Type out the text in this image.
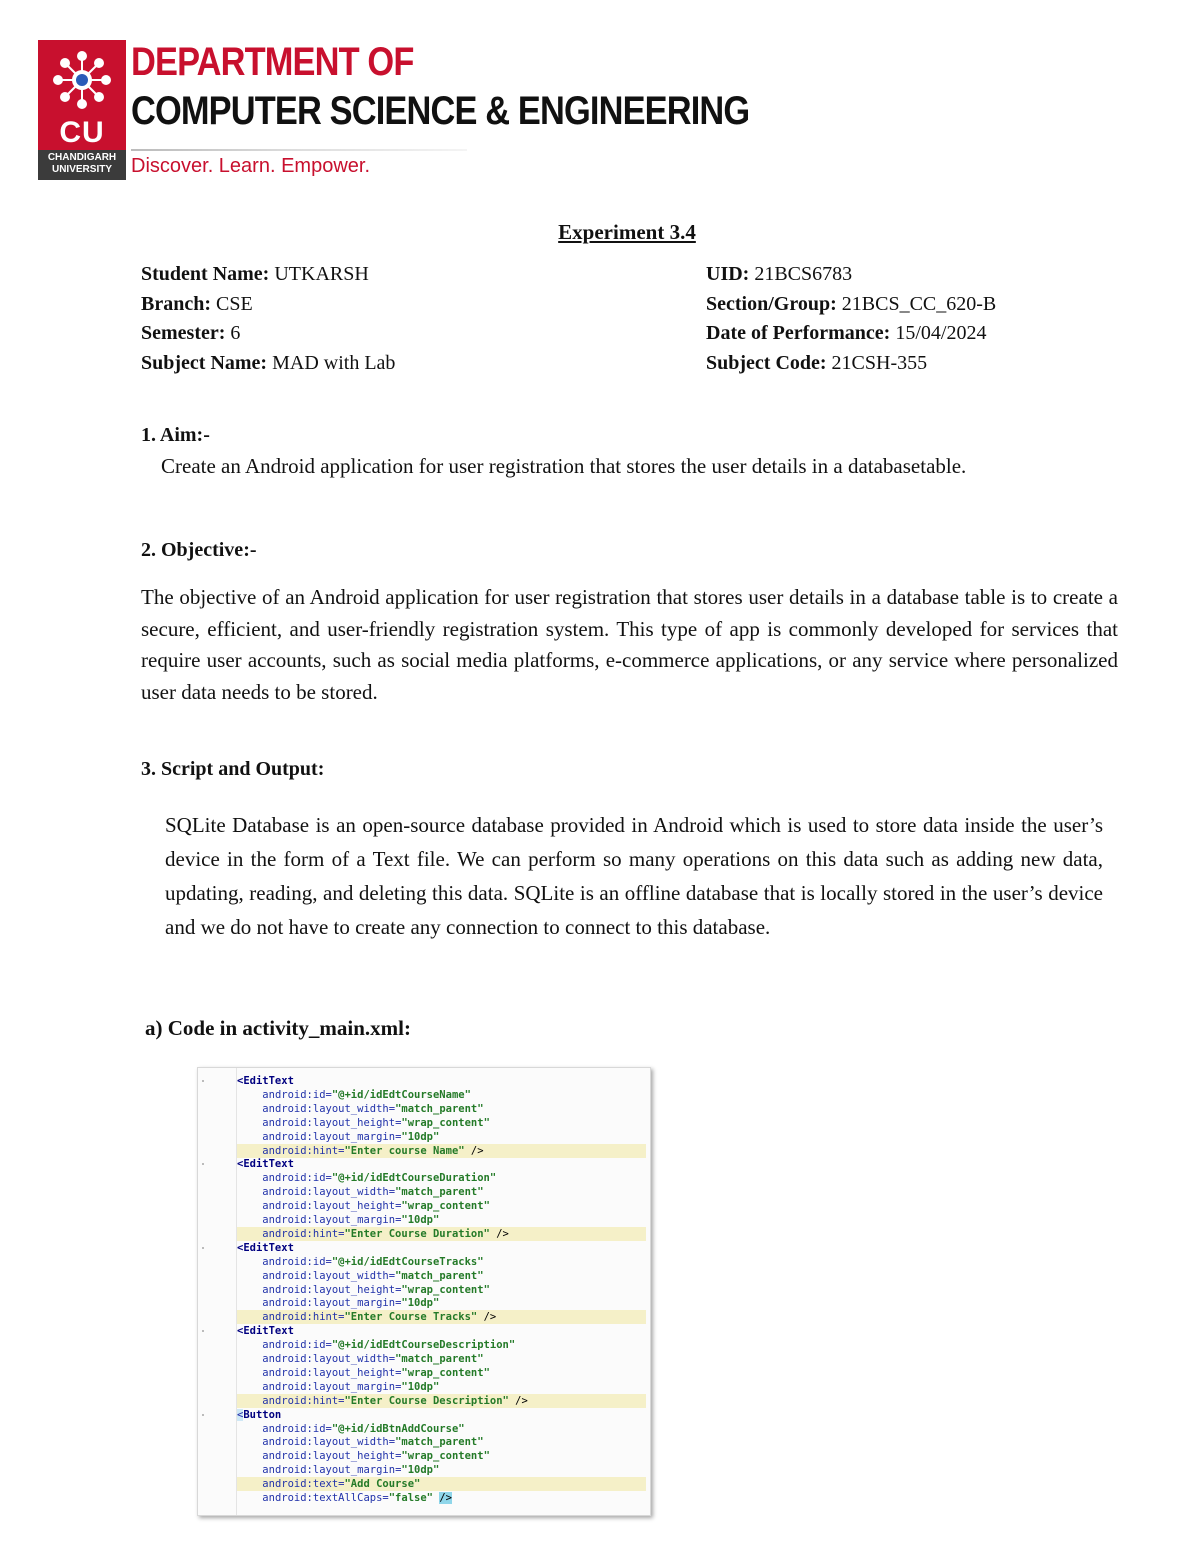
CU
CHANDIGARH UNIVERSITY
DEPARTMENT OF
COMPUTER SCIENCE & ENGINEERING
Discover. Learn. Empower.
Experiment 3.4
Student Name: UTKARSH
Branch: CSE
Semester: 6
Subject Name: MAD with Lab
UID: 21BCS6783
Section/Group: 21BCS_CC_620-B
Date of Performance: 15/04/2024
Subject Code: 21CSH-355
1. Aim:-
Create an Android application for user registration that stores the user details in a databasetable.
2. Objective:-
The objective of an Android application for user registration that stores user details in a database table is to create a secure, efficient, and user-friendly registration system. This type of app is commonly developed for services that require user accounts, such as social media platforms, e-commerce applications, or any service where personalized user data needs to be stored.
3. Script and Output:
SQLite Database is an open-source database provided in Android which is used to store data inside the user’s device in the form of a Text file. We can perform so many operations on this data such as adding new data, updating, reading, and deleting this data. SQLite is an offline database that is locally stored in the user’s device and we do not have to create any connection to connect to this database.
a) Code in activity_main.xml:
<EditText
android:id="@+id/idEdtCourseName"
android:layout_width="match_parent"
android:layout_height="wrap_content"
android:layout_margin="10dp"
android:hint="Enter course Name" />
<EditText
android:id="@+id/idEdtCourseDuration"
android:layout_width="match_parent"
android:layout_height="wrap_content"
android:layout_margin="10dp"
android:hint="Enter Course Duration" />
<EditText
android:id="@+id/idEdtCourseTracks"
android:layout_width="match_parent"
android:layout_height="wrap_content"
android:layout_margin="10dp"
android:hint="Enter Course Tracks" />
<EditText
android:id="@+id/idEdtCourseDescription"
android:layout_width="match_parent"
android:layout_height="wrap_content"
android:layout_margin="10dp"
android:hint="Enter Course Description" />
<Button
android:id="@+id/idBtnAddCourse"
android:layout_width="match_parent"
android:layout_height="wrap_content"
android:layout_margin="10dp"
android:text="Add Course"
android:textAllCaps="false" />
